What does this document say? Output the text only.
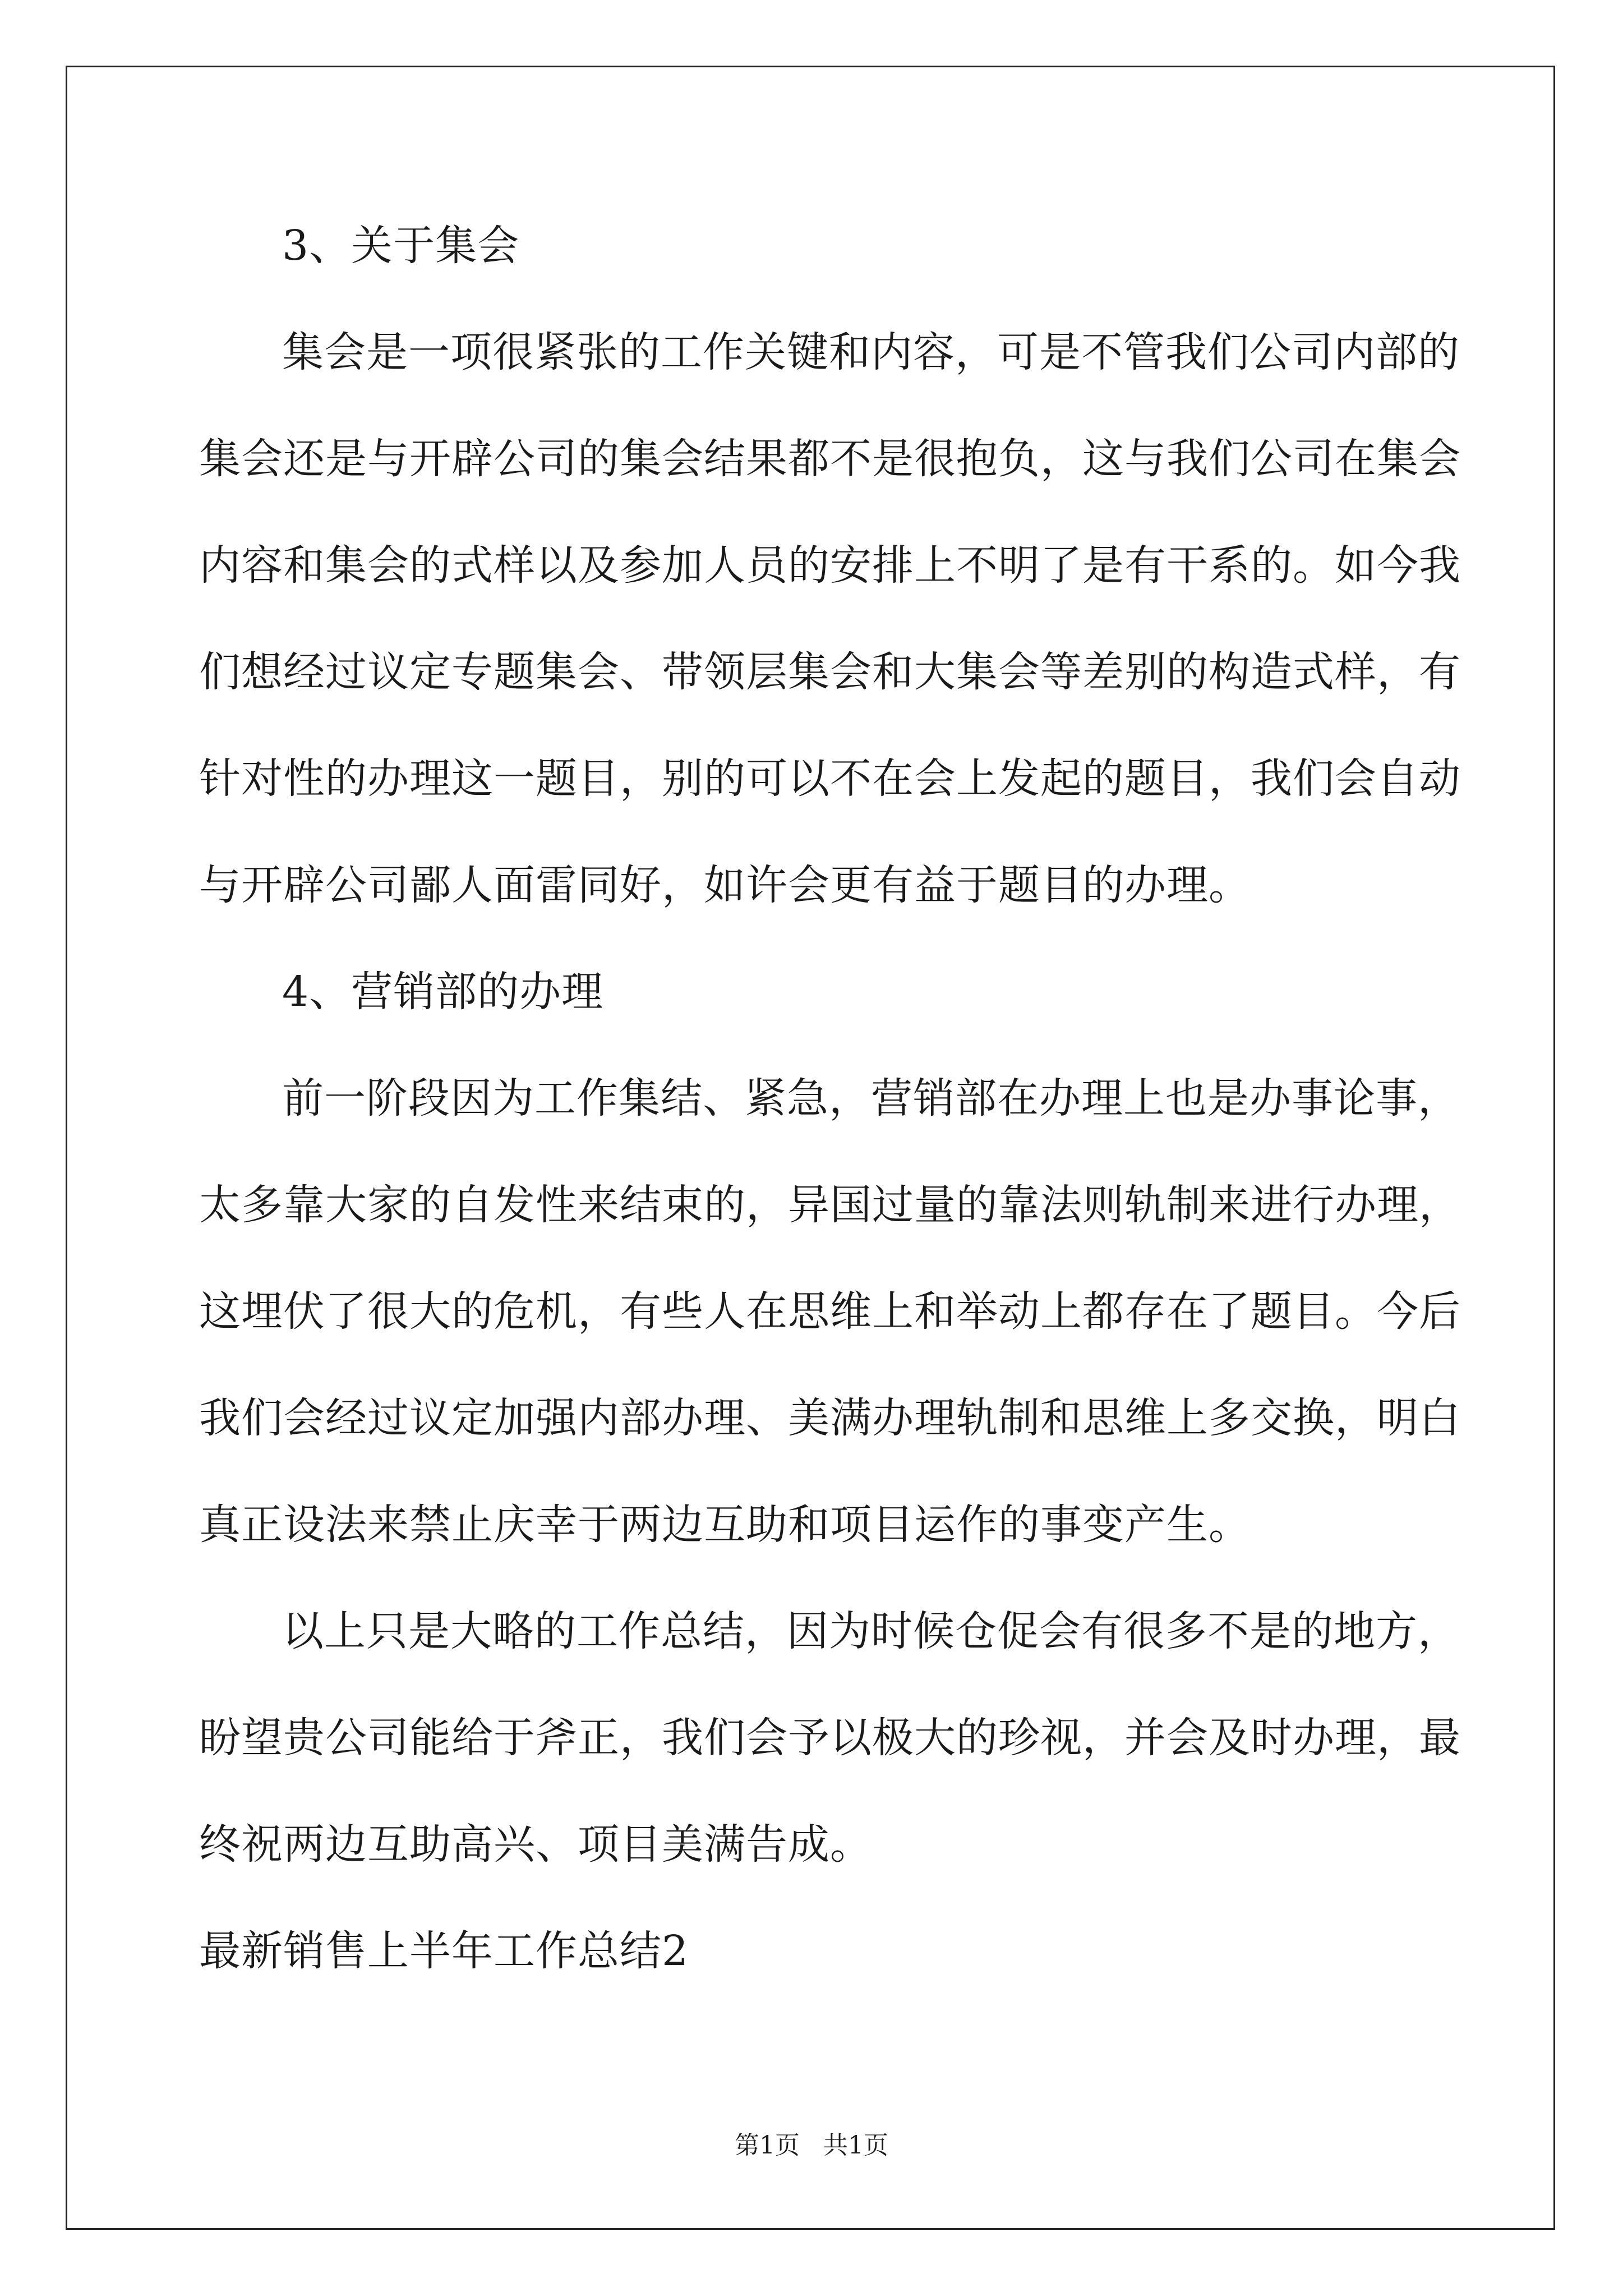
3、关于集会
集会是一项很紧张的工作关键和内容，可是不管我们公司内部的
集会还是与开辟公司的集会结果都不是很抱负，这与我们公司在集会
内容和集会的式样以及参加人员的安排上不明了是有干系的。如今我
们想经过议定专题集会、带领层集会和大集会等差别的构造式样，有
针对性的办理这一题目，别的可以不在会上发起的题目，我们会自动
与开辟公司鄙人面雷同好，如许会更有益于题目的办理。
4、营销部的办理
前一阶段因为工作集结、紧急，营销部在办理上也是办事论事，
太多靠大家的自发性来结束的，异国过量的靠法则轨制来进行办理，
这埋伏了很大的危机，有些人在思维上和举动上都存在了题目。今后
我们会经过议定加强内部办理、美满办理轨制和思维上多交换，明白
真正设法来禁止庆幸于两边互助和项目运作的事变产生。
以上只是大略的工作总结，因为时候仓促会有很多不是的地方，
盼望贵公司能给于斧正，我们会予以极大的珍视，并会及时办理，最
终祝两边互助高兴、项目美满告成。
最新销售上半年工作总结2
第1页 共1页
